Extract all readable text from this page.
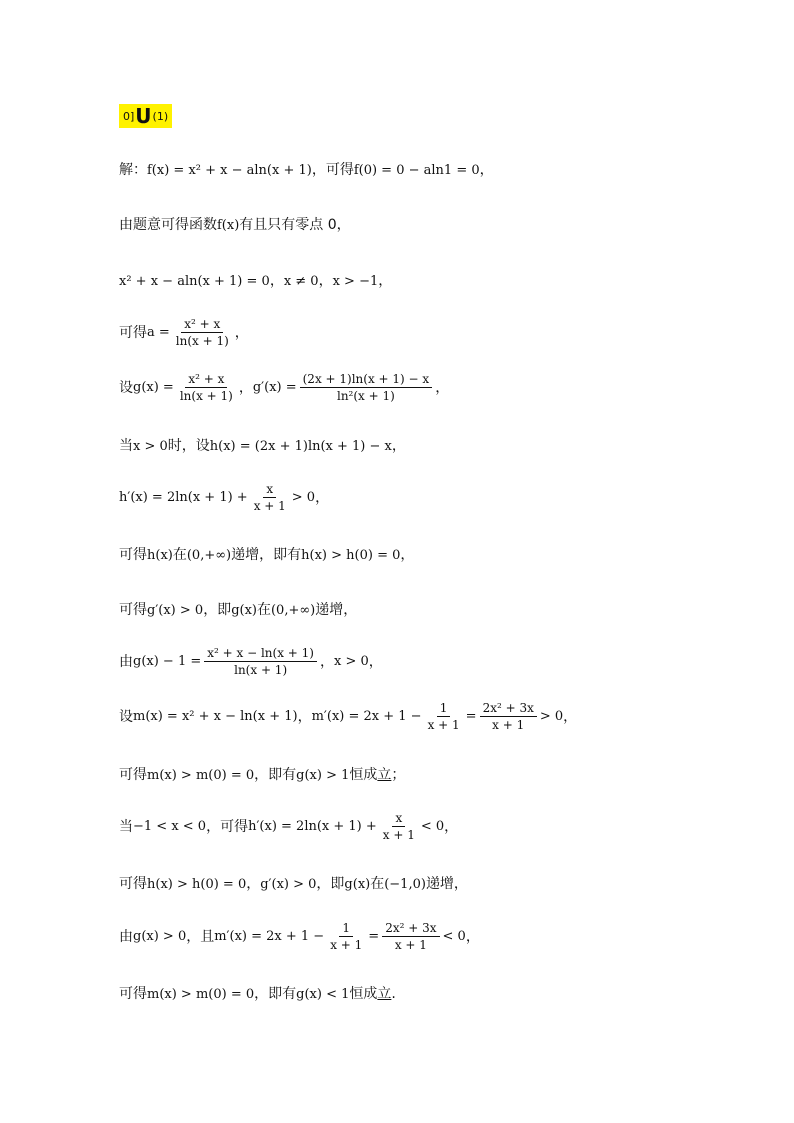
0] U (1)
解： f(x) = x² + x − aln(x + 1) ，可得 f(0) = 0 − aln1 = 0 ，
由题意可得函数 f(x) 有且只有零点 0，
x² + x − aln(x + 1) = 0 ， x ≠ 0 ， x > −1 ，
可得 $a = \frac{\text{x² + x}}{\ln(x + 1)}$ ，
设 $g(x) = \frac{\text{x² + x}}{\ln(x + 1)}$ ， $g'(x) = \frac{(2x + 1)\ln(x + 1) - x}{\text{ln²(x + 1)}}$ ，
当 x > 0 时，设 h(x) = (2x + 1)ln(x + 1) − x ，
$h'(x) = 2\ln(x + 1) + \frac{x}{x + 1} > 0$ ，
可得 h(x) 在 (0,+∞) 递增，即有 h(x) > h(0) = 0 ，
可得 g′(x) > 0 ，即 g(x) 在 (0,+∞) 递增，
由 $g(x) - 1 = \frac{\text{x² + x − ln(x + 1)}}{\ln(x + 1)}$ ， x > 0 ，
设 m(x) = x² + x − ln(x + 1) ， $m'(x) = 2x + 1 - \frac{1}{x + 1} = \frac{\text{2x² + 3x}}{x + 1} > 0$ ，
可得 m(x) > m(0) = 0 ，即有 g(x) > 1 恒成立；
当 −1 < x < 0 ，可得 $h'(x) = 2\ln(x + 1) + \frac{x}{x + 1} < 0$ ，
可得 h(x) > h(0) = 0 ， g′(x) > 0 ，即 g(x) 在 (−1,0) 递增，
由 g(x) > 0 ，且 $m'(x) = 2x + 1 - \frac{1}{x + 1} = \frac{\text{2x² + 3x}}{x + 1} < 0$ ，
可得 m(x) > m(0) = 0 ，即有 g(x) < 1 恒成立.
